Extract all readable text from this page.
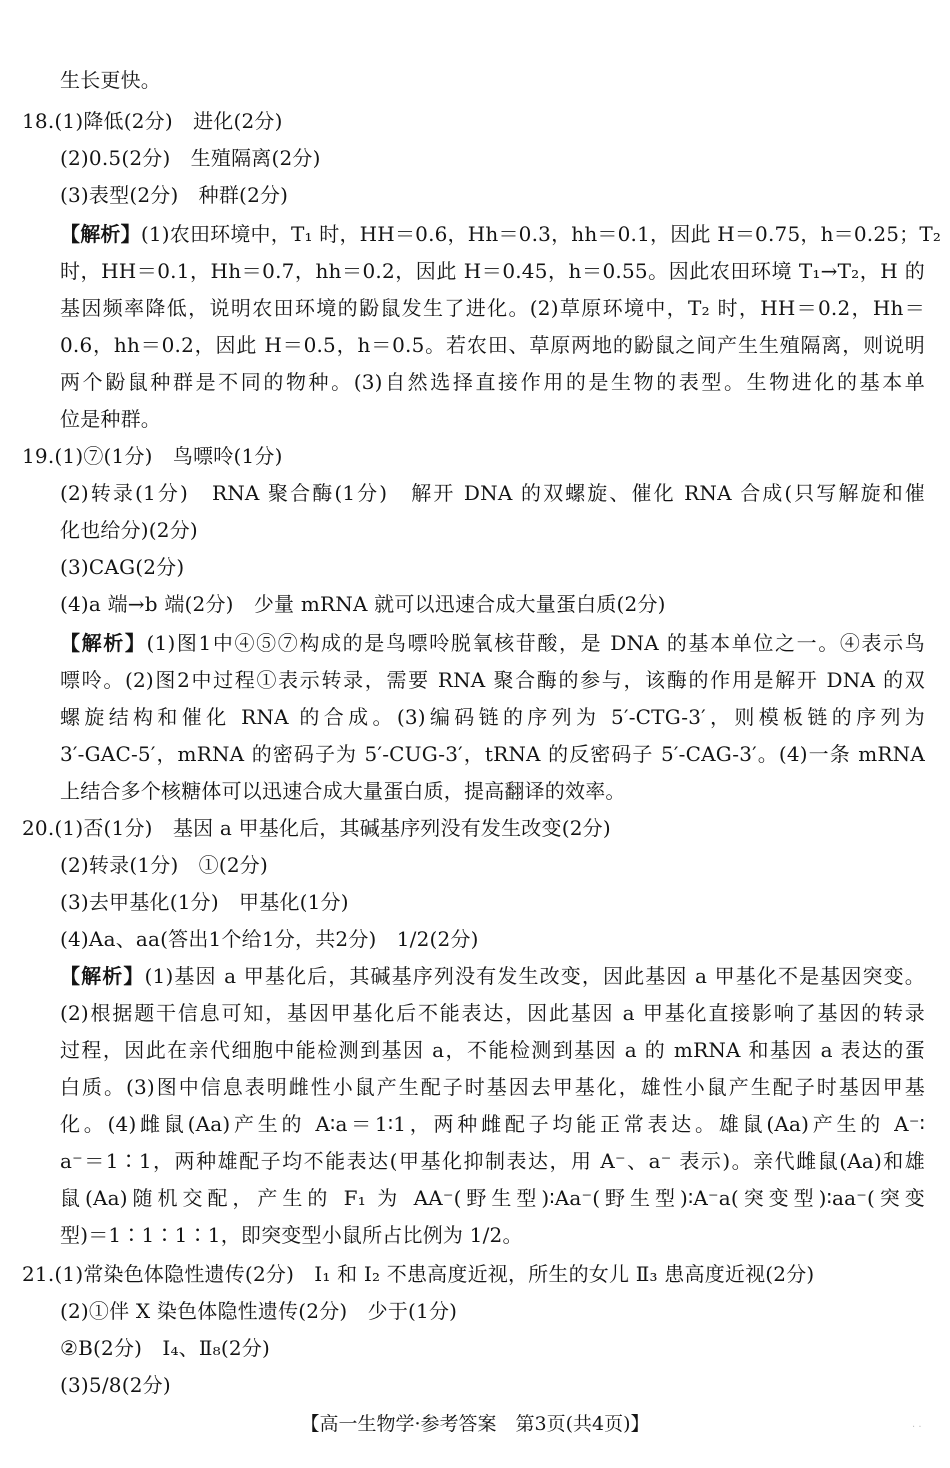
生长更快。
18.(1)降低(2分)　进化(2分)
(2)0.5(2分)　生殖隔离(2分)
(3)表型(2分)　种群(2分)
【解析】(1)农田环境中，T₁ 时，HH＝0.6，Hh＝0.3，hh＝0.1，因此 H＝0.75，h＝0.25；T₂
时，HH＝0.1，Hh＝0.7，hh＝0.2，因此 H＝0.45，h＝0.55。因此农田环境 T₁→T₂，H 的
基因频率降低，说明农田环境的鼢鼠发生了进化。(2)草原环境中，T₂ 时，HH＝0.2，Hh＝
0.6，hh＝0.2，因此 H＝0.5，h＝0.5。若农田、草原两地的鼢鼠之间产生生殖隔离，则说明
两个鼢鼠种群是不同的物种。(3)自然选择直接作用的是生物的表型。生物进化的基本单
位是种群。
19.(1)⑦(1分)　鸟嘌呤(1分)
(2)转录(1分)　RNA 聚合酶(1分)　解开 DNA 的双螺旋、催化 RNA 合成(只写解旋和催
化也给分)(2分)
(3)CAG(2分)
(4)a 端→b 端(2分)　少量 mRNA 就可以迅速合成大量蛋白质(2分)
【解析】(1)图1中④⑤⑦构成的是鸟嘌呤脱氧核苷酸，是 DNA 的基本单位之一。④表示鸟
嘌呤。(2)图2中过程①表示转录，需要 RNA 聚合酶的参与，该酶的作用是解开 DNA 的双
螺旋结构和催化 RNA 的合成。(3)编码链的序列为 5′-CTG-3′，则模板链的序列为
3′-GAC-5′，mRNA 的密码子为 5′-CUG-3′，tRNA 的反密码子 5′-CAG-3′。(4)一条 mRNA
上结合多个核糖体可以迅速合成大量蛋白质，提高翻译的效率。
20.(1)否(1分)　基因 a 甲基化后，其碱基序列没有发生改变(2分)
(2)转录(1分)　①(2分)
(3)去甲基化(1分)　甲基化(1分)
(4)Aa、aa(答出1个给1分，共2分)　1/2(2分)
【解析】(1)基因 a 甲基化后，其碱基序列没有发生改变，因此基因 a 甲基化不是基因突变。
(2)根据题干信息可知，基因甲基化后不能表达，因此基因 a 甲基化直接影响了基因的转录
过程，因此在亲代细胞中能检测到基因 a，不能检测到基因 a 的 mRNA 和基因 a 表达的蛋
白质。(3)图中信息表明雌性小鼠产生配子时基因去甲基化，雄性小鼠产生配子时基因甲基
化。(4)雌鼠(Aa)产生的 A∶a＝1∶1，两种雌配子均能正常表达。雄鼠(Aa)产生的 A⁻∶
a⁻＝1∶1，两种雄配子均不能表达(甲基化抑制表达，用 A⁻、a⁻ 表示)。亲代雌鼠(Aa)和雄
鼠(Aa)随机交配，产生的 F₁ 为 AA⁻(野生型)∶Aa⁻(野生型)∶A⁻a(突变型)∶aa⁻(突变
型)＝1∶1∶1∶1，即突变型小鼠所占比例为 1/2。
21.(1)常染色体隐性遗传(2分)　Ⅰ₁ 和 Ⅰ₂ 不患高度近视，所生的女儿 Ⅱ₃ 患高度近视(2分)
(2)①伴 X 染色体隐性遗传(2分)　少于(1分)
②B(2分)　Ⅰ₄、Ⅱ₈(2分)
(3)5/8(2分)
【高一生物学·参考答案　第3页(共4页)】	· ·
